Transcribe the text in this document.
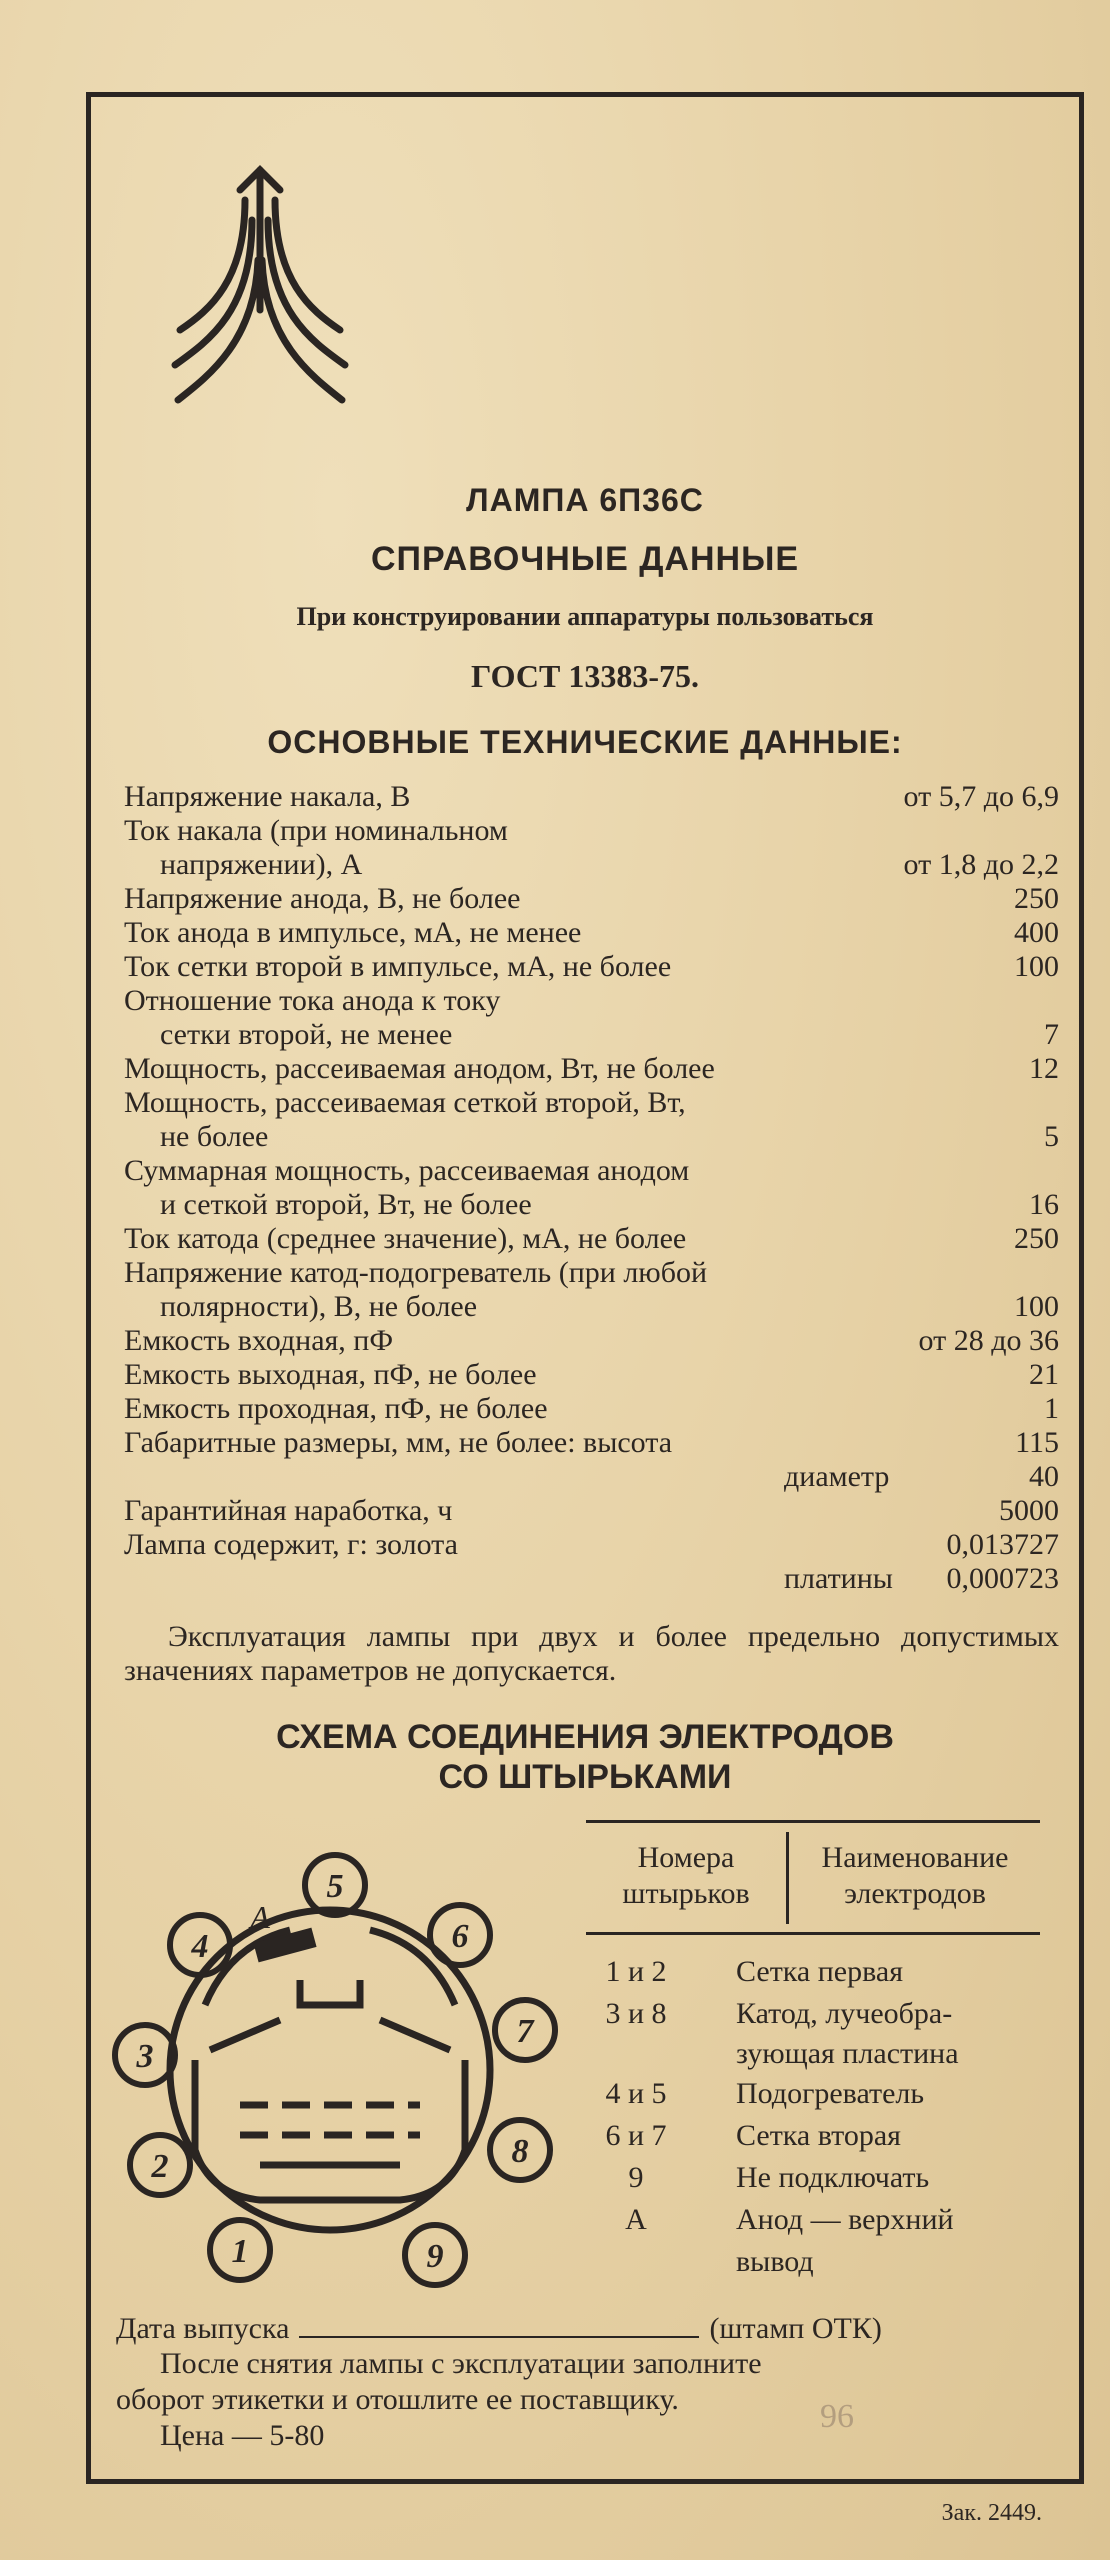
ЛАМПА 6П36С
СПРАВОЧНЫЕ ДАННЫЕ
При конструировании аппаратуры пользоваться
ГОСТ 13383-75.
ОСНОВНЫЕ ТЕХНИЧЕСКИЕ ДАННЫЕ:
Напряжение накала, В	от 5,7 до 6,9
Ток накала (при номинальном
напряжении), А	от 1,8 до 2,2
Напряжение анода, В, не более	250
Ток анода в импульсе, мА, не менее	400
Ток сетки второй в импульсе, мА, не более	100
Отношение тока анода к току
сетки второй, не менее	7
Мощность, рассеиваемая анодом, Вт, не более	12
Мощность, рассеиваемая сеткой второй, Вт,
не более	5
Суммарная мощность, рассеиваемая анодом
и сеткой второй, Вт, не более	16
Ток катода (среднее значение), мА, не более	250
Напряжение катод-подогреватель (при любой
полярности), В, не более	100
Емкость входная, пФ	от 28 до 36
Емкость выходная, пФ, не более	21
Емкость проходная, пФ, не более	1
Габаритные размеры, мм, не более: высота	115
диаметр	40
Гарантийная наработка, ч	5000
Лампа содержит, г: золота	0,013727
платины 0,000723
Эксплуатация лампы при двух и более предельно допустимых значениях параметров не допускается.
СХЕМА СОЕДИНЕНИЯ ЭЛЕКТРОДОВ
СО ШТЫРЬКАМИ
1
2
3
4
5
6
7
8
9
А
Номера штырьков
Наименование электродов
1 и 2	Сетка первая
3 и 8	Катод, лучеобра-
зующая пластина
4 и 5	Подогреватель
6 и 7	Сетка вторая
9	Не подключать
А	Анод — верхний
вывод
Дата выпуска	(штамп ОТК)
После снятия лампы с эксплуатации заполните
оборот этикетки и отошлите ее поставщику.
Цена — 5-80
96
Зак. 2449.
